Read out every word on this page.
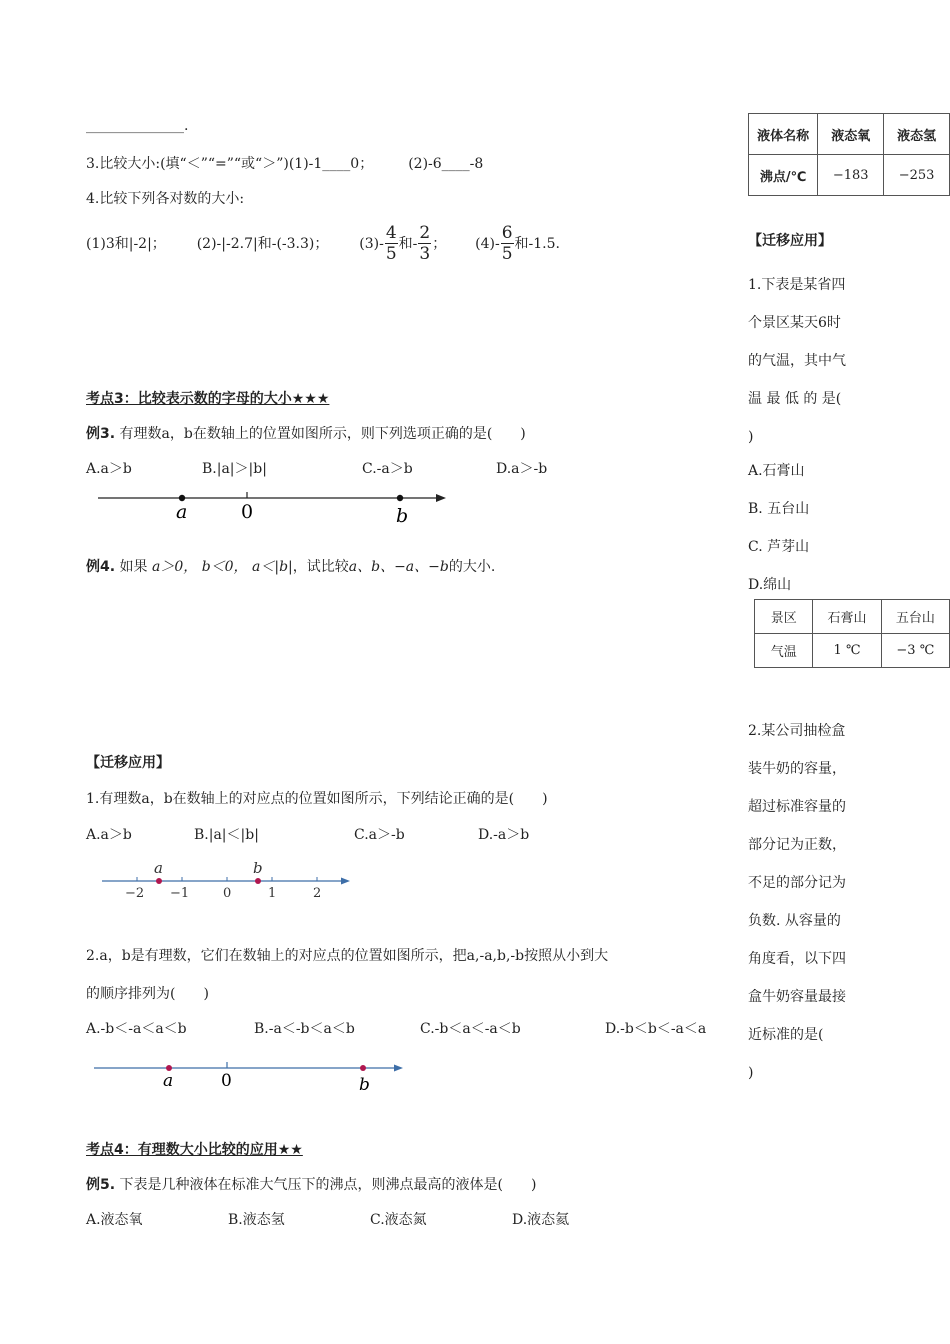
______________.
3.比较大小:(填“＜”“=”“或“＞”)(1)-1____0；　　　(2)-6____-8
4.比较下列各对数的大小:
(1)3和|-2|； (2)-|-2.7|和-(-3.3)； $(3)- \frac{4}{5}$ 和- $\frac{2}{3}$ ； $(4)- \frac{6}{5}$ 和-1.5.
考点3：比较表示数的字母的大小★★★
例3. 有理数a，b在数轴上的位置如图所示，则下列选项正确的是(　　)
A.a＞b	B.|a|＞|b|	C.-a＞b	D.a＞-b
a	0	b
例4. 如果 a＞0， b＜0， a＜|b|，试比较a、b、−a、−b的大小.
【迁移应用】
1.有理数a，b在数轴上的对应点的位置如图所示，下列结论正确的是(　　)
A.a＞b	B.|a|＜|b|	C.a＞-b	D.-a＞b
a	b
−2 −1	0	1	2
2.a，b是有理数，它们在数轴上的对应点的位置如图所示，把a,-a,b,-b按照从小到大
的顺序排列为(　　)
A.-b＜-a＜a＜b	B.-a＜-b＜a＜b	C.-b＜a＜-a＜b	D.-b＜b＜-a＜a
a	0	b
考点4：有理数大小比较的应用★★
例5. 下表是几种液体在标准大气压下的沸点，则沸点最高的液体是(　　)
A.液态氧	B.液态氢	C.液态氮	D.液态氦
液体名称	液态氧	液态氢
沸点/℃	−183	−253
【迁移应用】
1.下表是某省四
个景区某天6时
的气温，其中气
温 最 低 的 是(
)
A.石膏山
B. 五台山
C. 芦芽山
D.绵山
景区	石膏山	五台山
气温	1 ℃	−3 ℃
2.某公司抽检盒
装牛奶的容量，
超过标准容量的
部分记为正数，
不足的部分记为
负数. 从容量的
角度看，以下四
盒牛奶容量最接
近标准的是(
)
